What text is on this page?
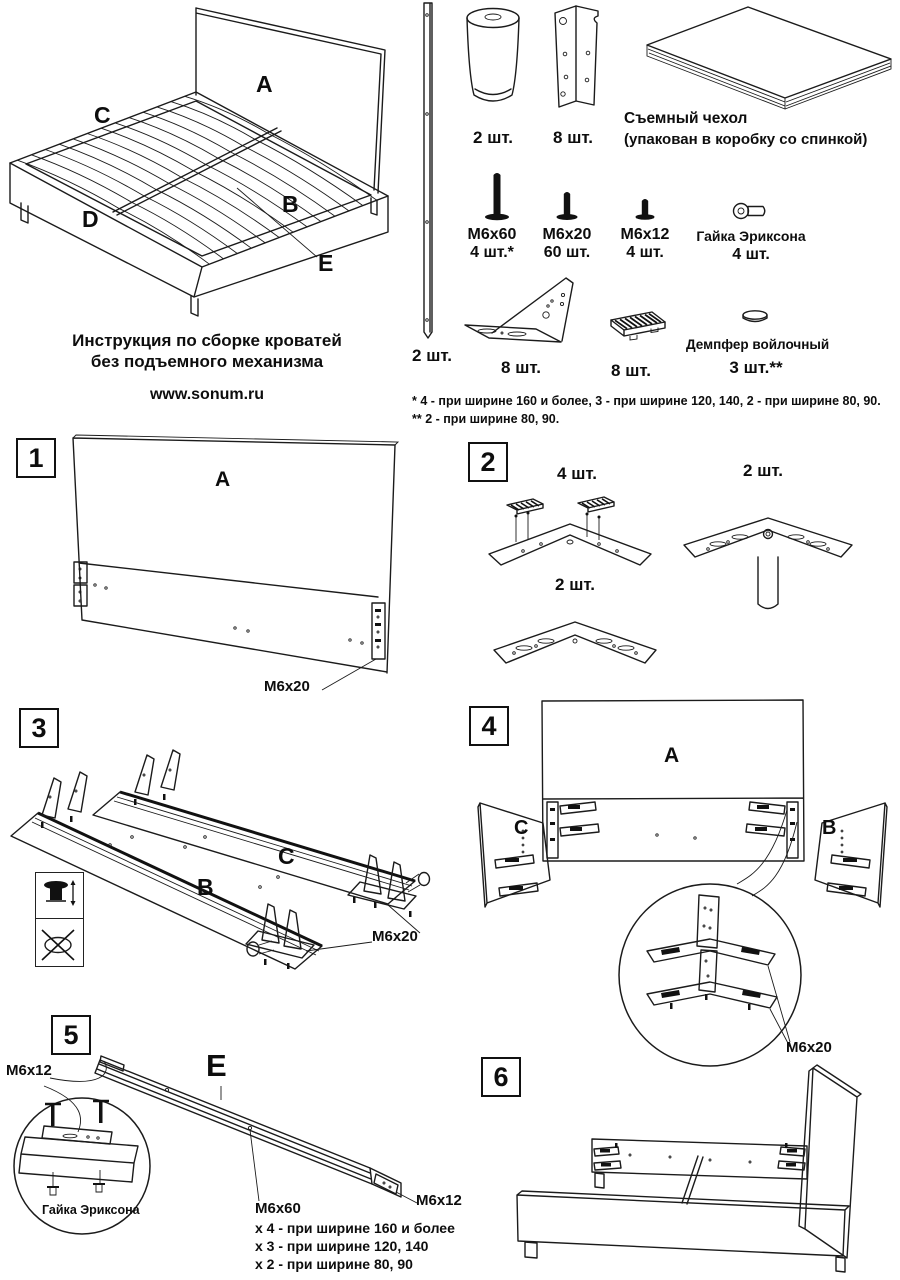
A
C
D
B
E
2 шт.
2 шт.	8 шт.
Съемный чехол
(упакован в коробку со спинкой)
М6х60
4 шт.*
М6х20
60 шт.
М6х12
4 шт.
Гайка Эриксона
4 шт.
8 шт.	8 шт.
Демпфер войлочный
3 шт.**
* 4 - при ширине 160 и более, 3 - при ширине 120, 140, 2 - при ширине 80, 90.
** 2 - при ширине 80, 90.
Инструкция по сборке кроватей
без подъемного механизма
www.sonum.ru
1
A
М6х20
2	4 шт.	2 шт.
2 шт.
3
C
B
М6х20
4
A
C	B
М6х20
5
М6х12	E
Гайка Эриксона	М6х60
х 4 - при ширине 160 и более
х 3 - при ширине 120, 140
х 2 - при ширине 80, 90
М6х12
6
